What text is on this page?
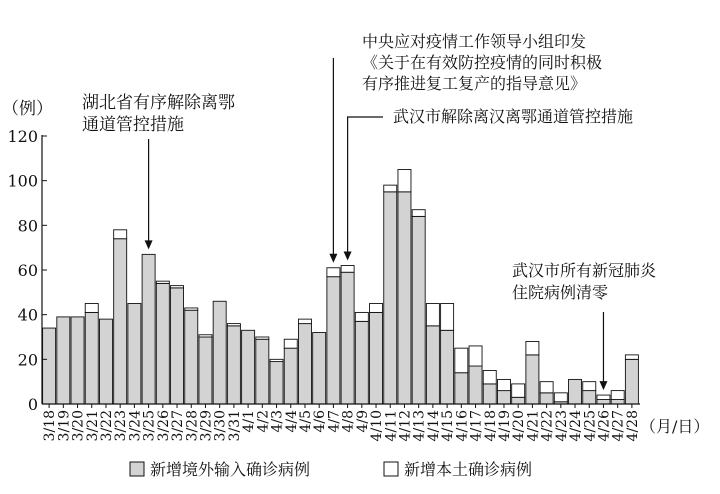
（例）
（月/日）
0
20
40
60
80
100
120
3/18
3/19
3/20
3/21
3/22
3/23
3/24
3/25
3/26
3/27
3/28
3/29
3/30
3/31
4/1
4/2
4/3
4/4
4/5
4/6
4/7
4/8
4/9
4/10
4/11
4/12
4/13
4/14
4/15
4/16
4/17
4/18
4/19
4/20
4/21
4/22
4/23
4/24
4/25
4/26
4/27
4/28
湖北省有序解除离鄂
通道管控措施
中央应对疫情工作领导小组印发
《关于在有效防控疫情的同时积极
有序推进复工复产的指导意见》
武汉市解除离汉离鄂通道管控措施
武汉市所有新冠肺炎
住院病例清零
新增境外输入确诊病例	新增本土确诊病例
